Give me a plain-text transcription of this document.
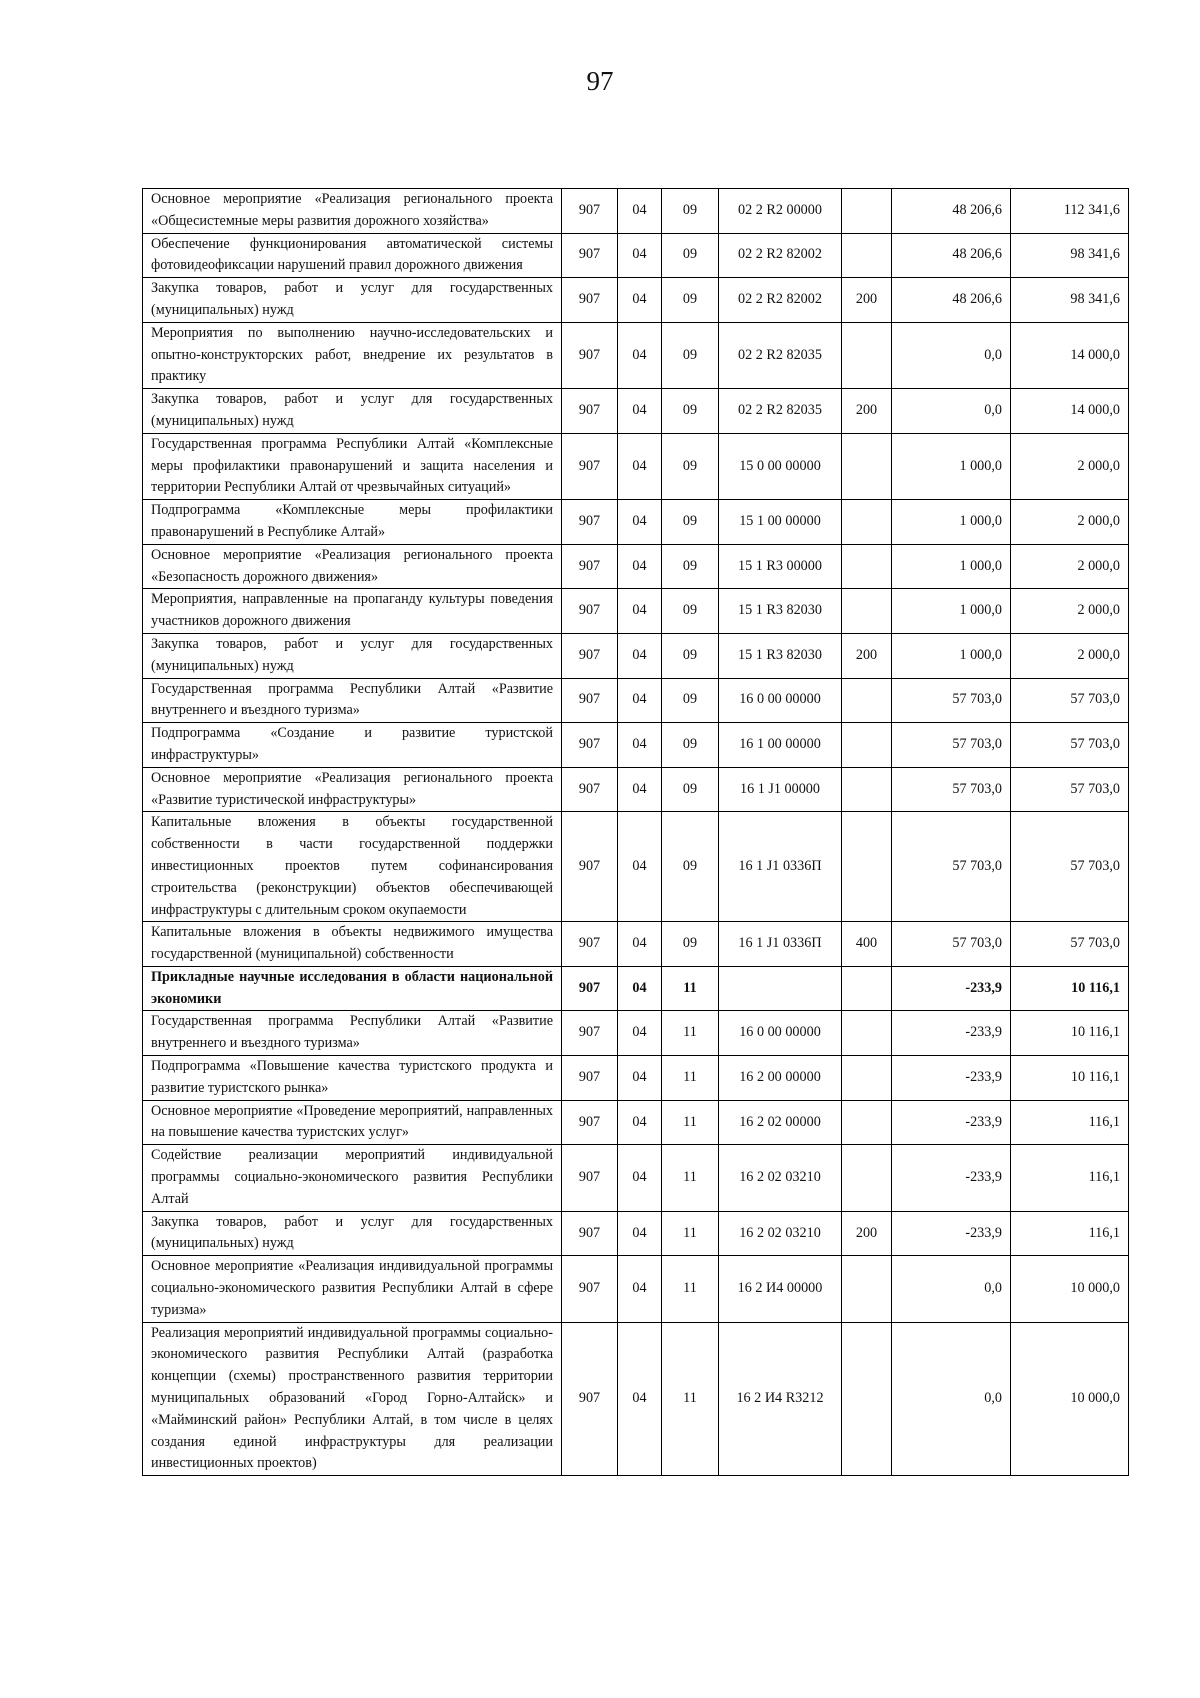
97
Основное мероприятие «Реализация регионального проекта «Общесистемные меры развития дорожного хозяйства»	907	04	09	02 2 R2 00000		48 206,6	112 341,6
Обеспечение функционирования автоматической системы фотовидеофиксации нарушений правил дорожного движения	907	04	09	02 2 R2 82002		48 206,6	98 341,6
Закупка товаров, работ и услуг для государственных (муниципальных) нужд	907	04	09	02 2 R2 82002	200	48 206,6	98 341,6
Мероприятия по выполнению научно-исследовательских и опытно-конструкторских работ, внедрение их результатов в практику	907	04	09	02 2 R2 82035		0,0	14 000,0
Закупка товаров, работ и услуг для государственных (муниципальных) нужд	907	04	09	02 2 R2 82035	200	0,0	14 000,0
Государственная программа Республики Алтай «Комплексные меры профилактики правонарушений и защита населения и территории Республики Алтай от чрезвычайных ситуаций»	907	04	09	15 0 00 00000		1 000,0	2 000,0
Подпрограмма «Комплексные меры профилактики правонарушений в Республике Алтай»	907	04	09	15 1 00 00000		1 000,0	2 000,0
Основное мероприятие «Реализация регионального проекта «Безопасность дорожного движения»	907	04	09	15 1 R3 00000		1 000,0	2 000,0
Мероприятия, направленные на пропаганду культуры поведения участников дорожного движения	907	04	09	15 1 R3 82030		1 000,0	2 000,0
Закупка товаров, работ и услуг для государственных (муниципальных) нужд	907	04	09	15 1 R3 82030	200	1 000,0	2 000,0
Государственная программа Республики Алтай «Развитие внутреннего и въездного туризма»	907	04	09	16 0 00 00000		57 703,0	57 703,0
Подпрограмма «Создание и развитие туристской инфраструктуры»	907	04	09	16 1 00 00000		57 703,0	57 703,0
Основное мероприятие «Реализация регионального проекта «Развитие туристической инфраструктуры»	907	04	09	16 1 J1 00000		57 703,0	57 703,0
Капитальные вложения в объекты государственной собственности в части государственной поддержки инвестиционных проектов путем софинансирования строительства (реконструкции) объектов обеспечивающей инфраструктуры с длительным сроком окупаемости	907	04	09	16 1 J1 0336П		57 703,0	57 703,0
Капитальные вложения в объекты недвижимого имущества государственной (муниципальной) собственности	907	04	09	16 1 J1 0336П	400	57 703,0	57 703,0
Прикладные научные исследования в области национальной экономики	907	04	11			-233,9	10 116,1
Государственная программа Республики Алтай «Развитие внутреннего и въездного туризма»	907	04	11	16 0 00 00000		-233,9	10 116,1
Подпрограмма «Повышение качества туристского продукта и развитие туристского рынка»	907	04	11	16 2 00 00000		-233,9	10 116,1
Основное мероприятие «Проведение мероприятий, направленных на повышение качества туристских услуг»	907	04	11	16 2 02 00000		-233,9	116,1
Содействие реализации мероприятий индивидуальной программы социально-экономического развития Республики Алтай	907	04	11	16 2 02 03210		-233,9	116,1
Закупка товаров, работ и услуг для государственных (муниципальных) нужд	907	04	11	16 2 02 03210	200	-233,9	116,1
Основное мероприятие «Реализация индивидуальной программы социально-экономического развития Республики Алтай в сфере туризма»	907	04	11	16 2 И4 00000		0,0	10 000,0
Реализация мероприятий индивидуальной программы социально-экономического развития Республики Алтай (разработка концепции (схемы) пространственного развития территории муниципальных образований «Город Горно-Алтайск» и «Майминский район» Республики Алтай, в том числе в целях создания единой инфраструктуры для реализации инвестиционных проектов)	907	04	11	16 2 И4 R3212		0,0	10 000,0
